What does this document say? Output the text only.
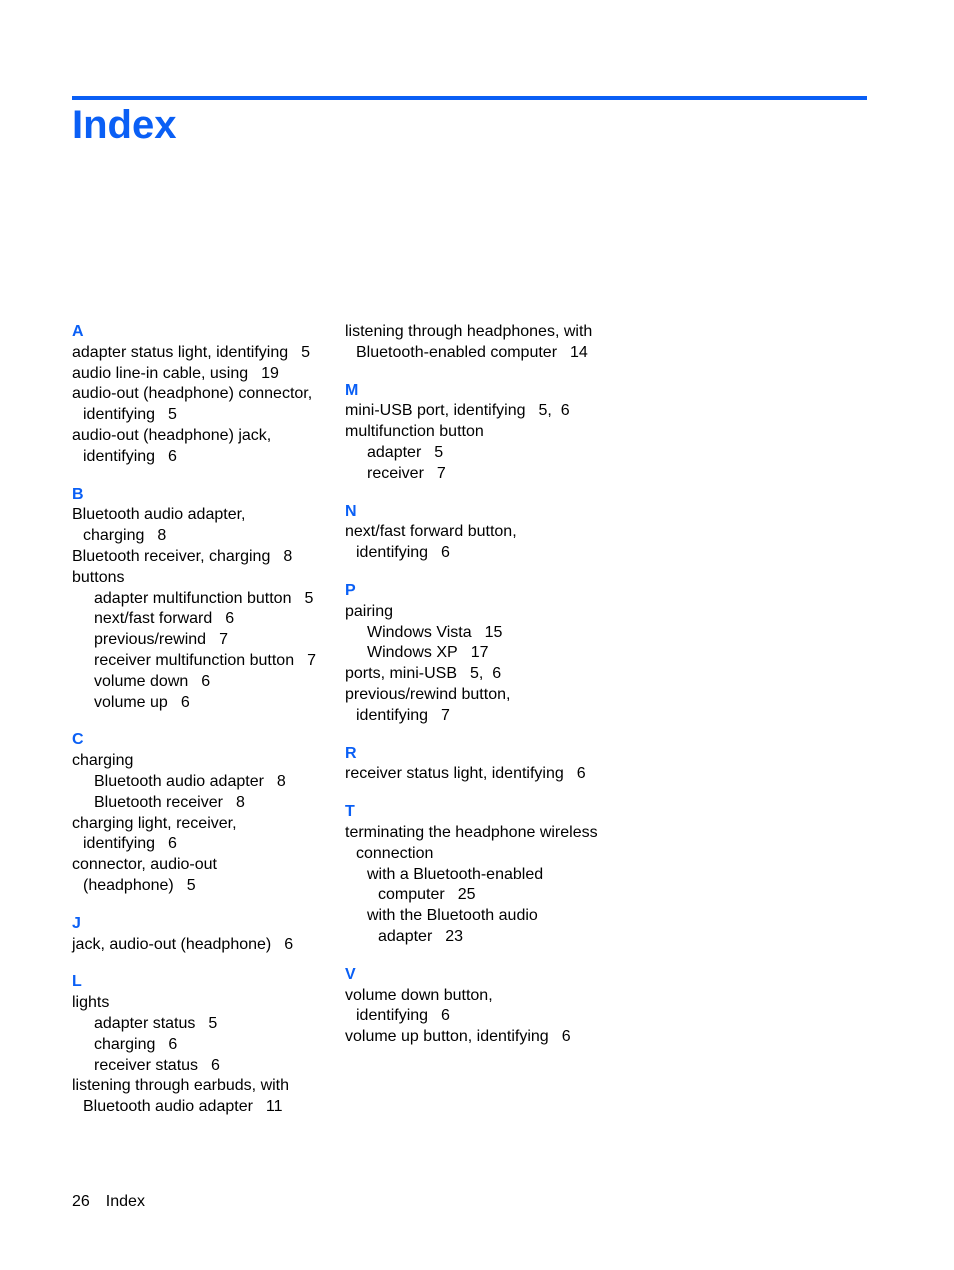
Index
A
adapter status light, identifying 5
audio line-in cable, using 19
audio-out (headphone) connector,
identifying 5
audio-out (headphone) jack,
identifying 6
B
Bluetooth audio adapter,
charging 8
Bluetooth receiver, charging 8
buttons
adapter multifunction button 5
next/fast forward 6
previous/rewind 7
receiver multifunction button 7
volume down 6
volume up 6
C
charging
Bluetooth audio adapter 8
Bluetooth receiver 8
charging light, receiver,
identifying 6
connector, audio-out
(headphone) 5
J
jack, audio-out (headphone) 6
L
lights
adapter status 5
charging 6
receiver status 6
listening through earbuds, with
Bluetooth audio adapter 11
listening through headphones, with
Bluetooth-enabled computer 14
M
mini-USB port, identifying 5,  6
multifunction button
adapter 5
receiver 7
N
next/fast forward button,
identifying 6
P
pairing
Windows Vista 15
Windows XP 17
ports, mini-USB 5,  6
previous/rewind button,
identifying 7
R
receiver status light, identifying 6
T
terminating the headphone wireless
connection
with a Bluetooth-enabled
computer 25
with the Bluetooth audio
adapter 23
V
volume down button,
identifying 6
volume up button, identifying 6
26 Index
